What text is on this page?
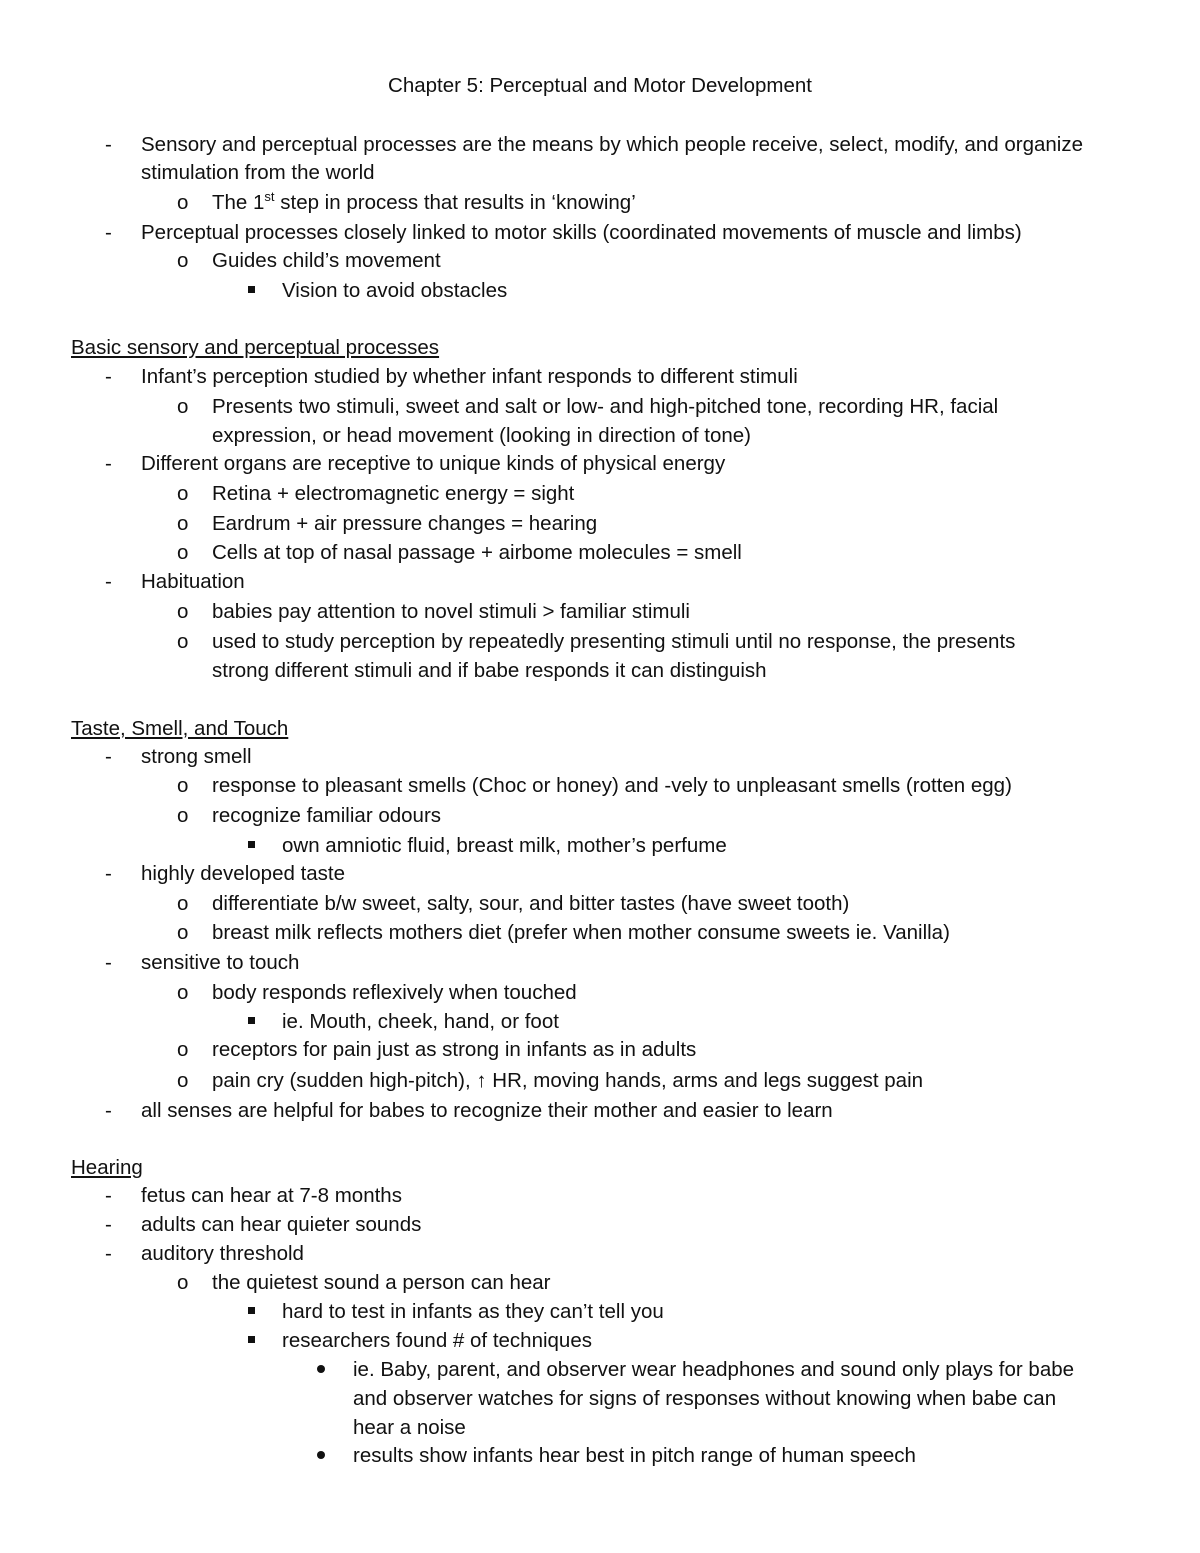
Chapter 5: Perceptual and Motor Development
- Sensory and perceptual processes are the means by which people receive, select, modify, and organize
stimulation from the world
o The 1st step in process that results in ‘knowing’
- Perceptual processes closely linked to motor skills (coordinated movements of muscle and limbs)
o Guides child’s movement
Vision to avoid obstacles
Basic sensory and perceptual processes
- Infant’s perception studied by whether infant responds to different stimuli
o Presents two stimuli, sweet and salt or low- and high-pitched tone, recording HR, facial
expression, or head movement (looking in direction of tone)
- Different organs are receptive to unique kinds of physical energy
o Retina + electromagnetic energy = sight
o Eardrum + air pressure changes = hearing
o Cells at top of nasal passage + airbome molecules = smell
- Habituation
o babies pay attention to novel stimuli > familiar stimuli
o used to study perception by repeatedly presenting stimuli until no response, the presents
strong different stimuli and if babe responds it can distinguish
Taste, Smell, and Touch
- strong smell
o response to pleasant smells (Choc or honey) and -vely to unpleasant smells (rotten egg)
o recognize familiar odours
own amniotic fluid, breast milk, mother’s perfume
- highly developed taste
o differentiate b/w sweet, salty, sour, and bitter tastes (have sweet tooth)
o breast milk reflects mothers diet (prefer when mother consume sweets ie. Vanilla)
- sensitive to touch
o body responds reflexively when touched
ie. Mouth, cheek, hand, or foot
o receptors for pain just as strong in infants as in adults
o pain cry (sudden high-pitch), ↑ HR, moving hands, arms and legs suggest pain
- all senses are helpful for babes to recognize their mother and easier to learn
Hearing
- fetus can hear at 7-8 months
- adults can hear quieter sounds
- auditory threshold
o the quietest sound a person can hear
hard to test in infants as they can’t tell you
researchers found # of techniques
ie. Baby, parent, and observer wear headphones and sound only plays for babe
and observer watches for signs of responses without knowing when babe can
hear a noise
results show infants hear best in pitch range of human speech
